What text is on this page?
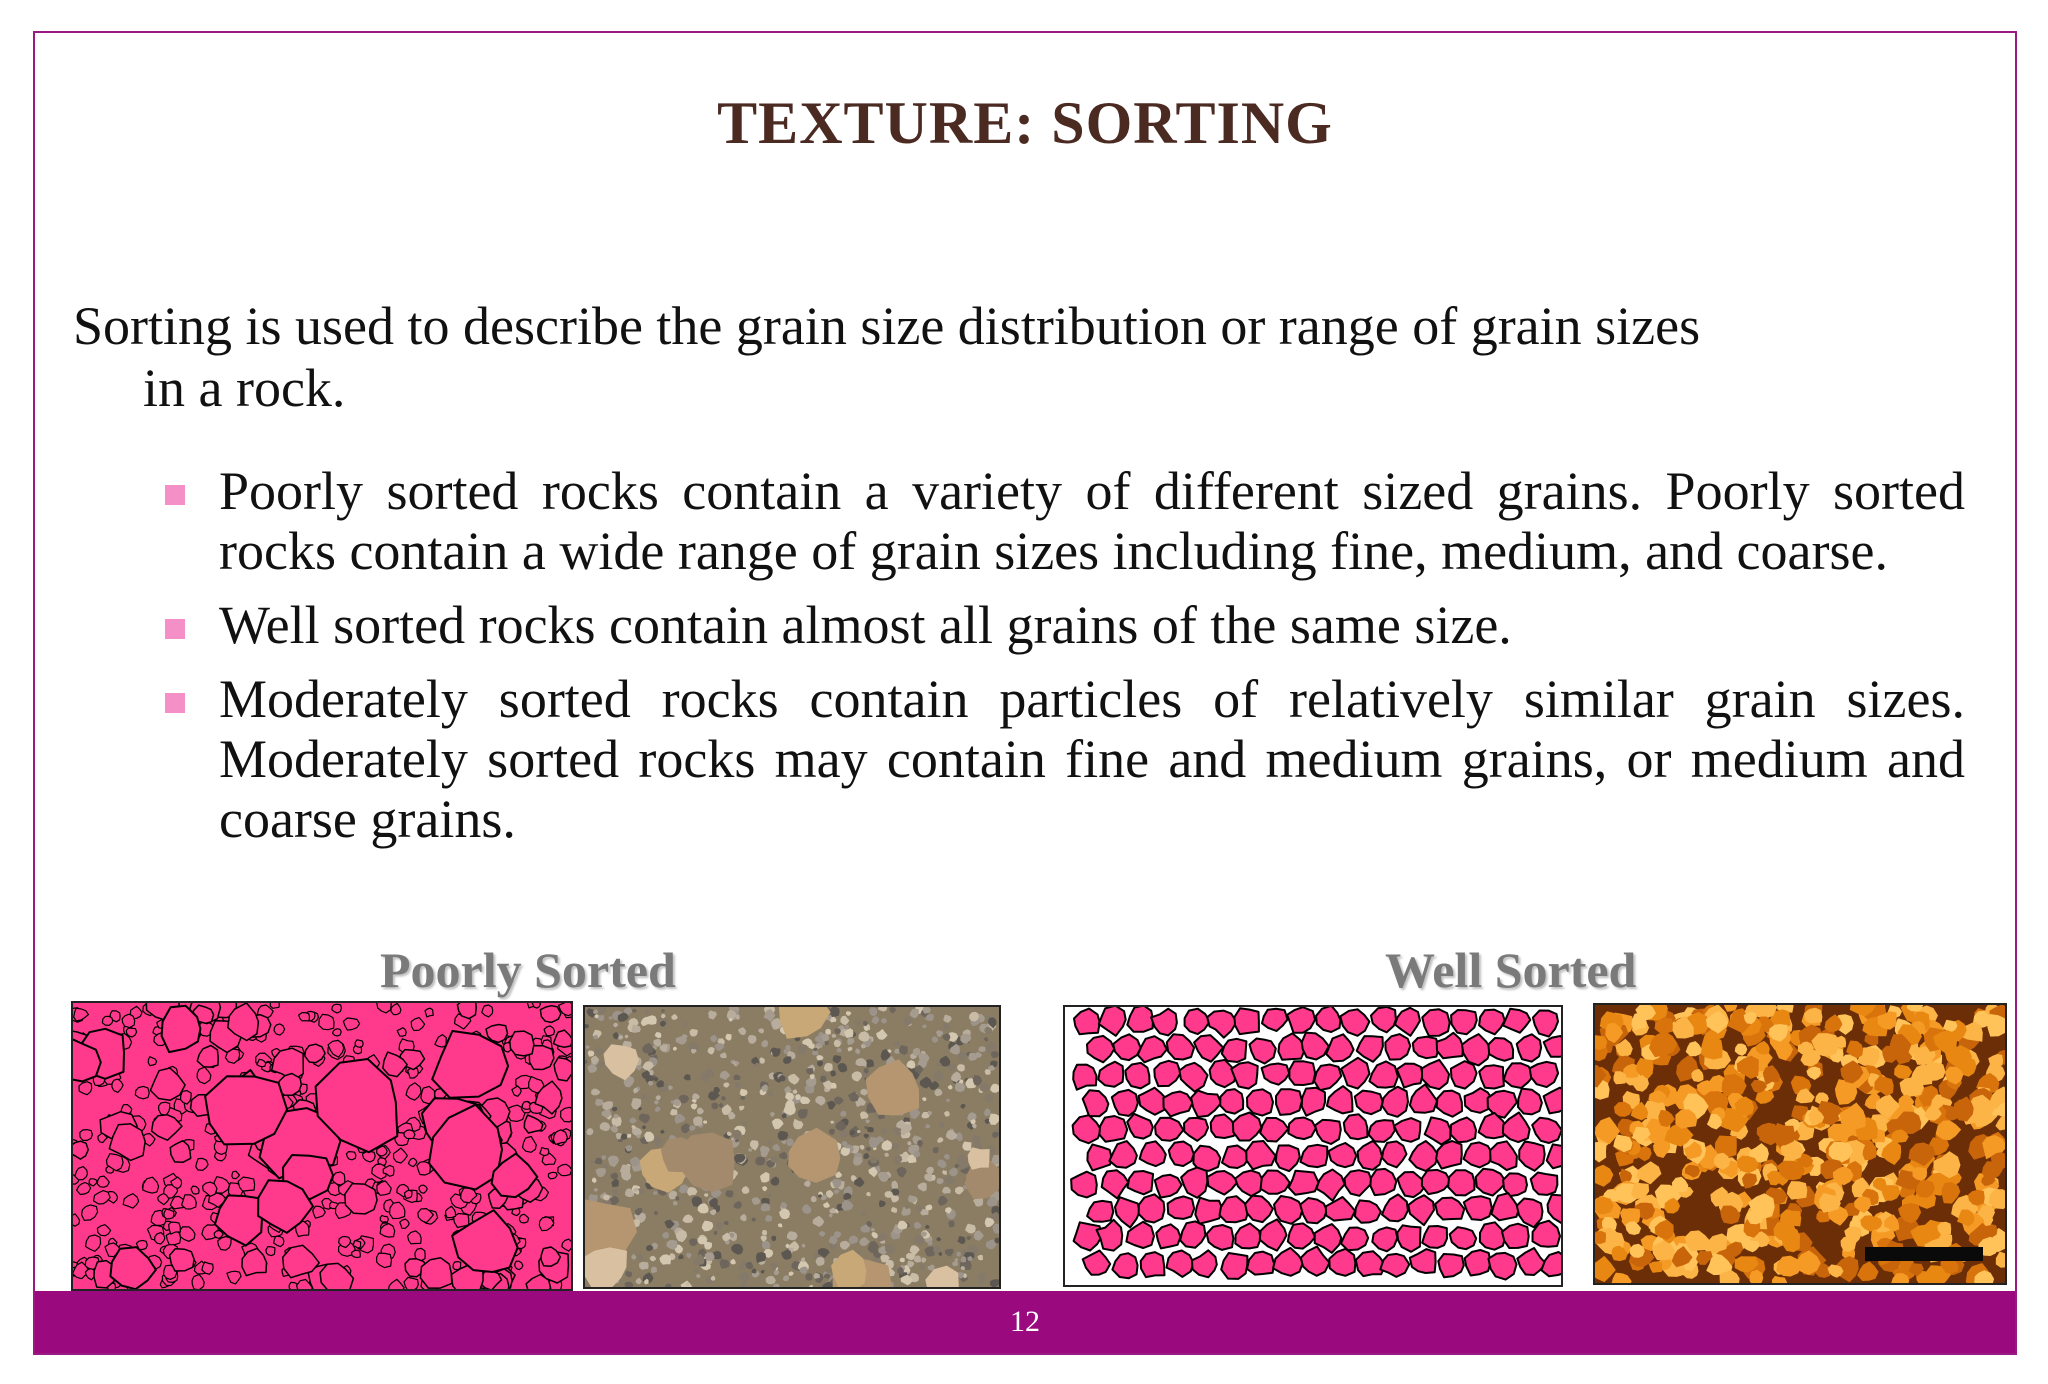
TEXTURE: SORTING
Sorting is used to describe the grain size distribution or range of grain sizes
in a rock.
Poorly sorted rocks contain a variety of different sized grains. Poorly sorted rocks contain a wide range of grain sizes including fine, medium, and coarse.
Well sorted rocks contain almost all grains of the same size.
Moderately sorted rocks contain particles of relatively similar grain sizes. Moderately sorted rocks may contain fine and medium grains, or medium and coarse grains.
Poorly Sorted	Well Sorted
12
